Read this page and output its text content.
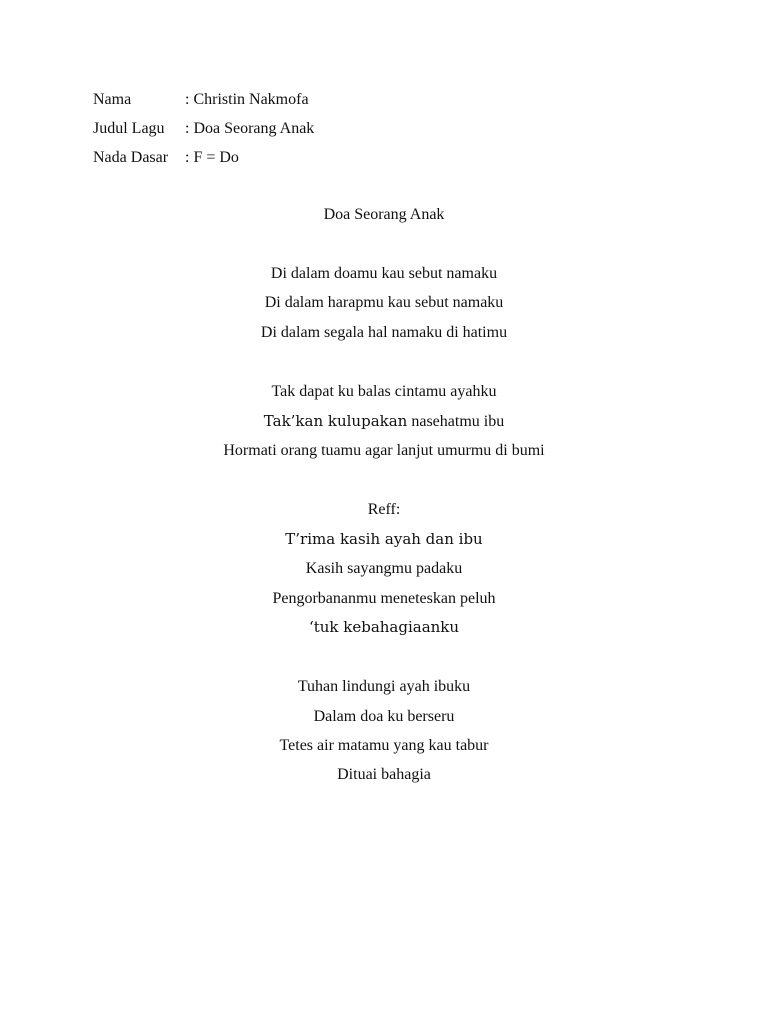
Nama	: Christin Nakmofa
Judul Lagu : Doa Seorang Anak
Nada Dasar : F = Do
Doa Seorang Anak
Di dalam doamu kau sebut namaku
Di dalam harapmu kau sebut namaku
Di dalam segala hal namaku di hatimu
Tak dapat ku balas cintamu ayahku
Tak’kan kulupakan nasehatmu ibu
Hormati orang tuamu agar lanjut umurmu di bumi
Reff:
T’rima kasih ayah dan ibu
Kasih sayangmu padaku
Pengorbananmu meneteskan peluh
‘tuk kebahagiaanku
Tuhan lindungi ayah ibuku
Dalam doa ku berseru
Tetes air matamu yang kau tabur
Dituai bahagia
